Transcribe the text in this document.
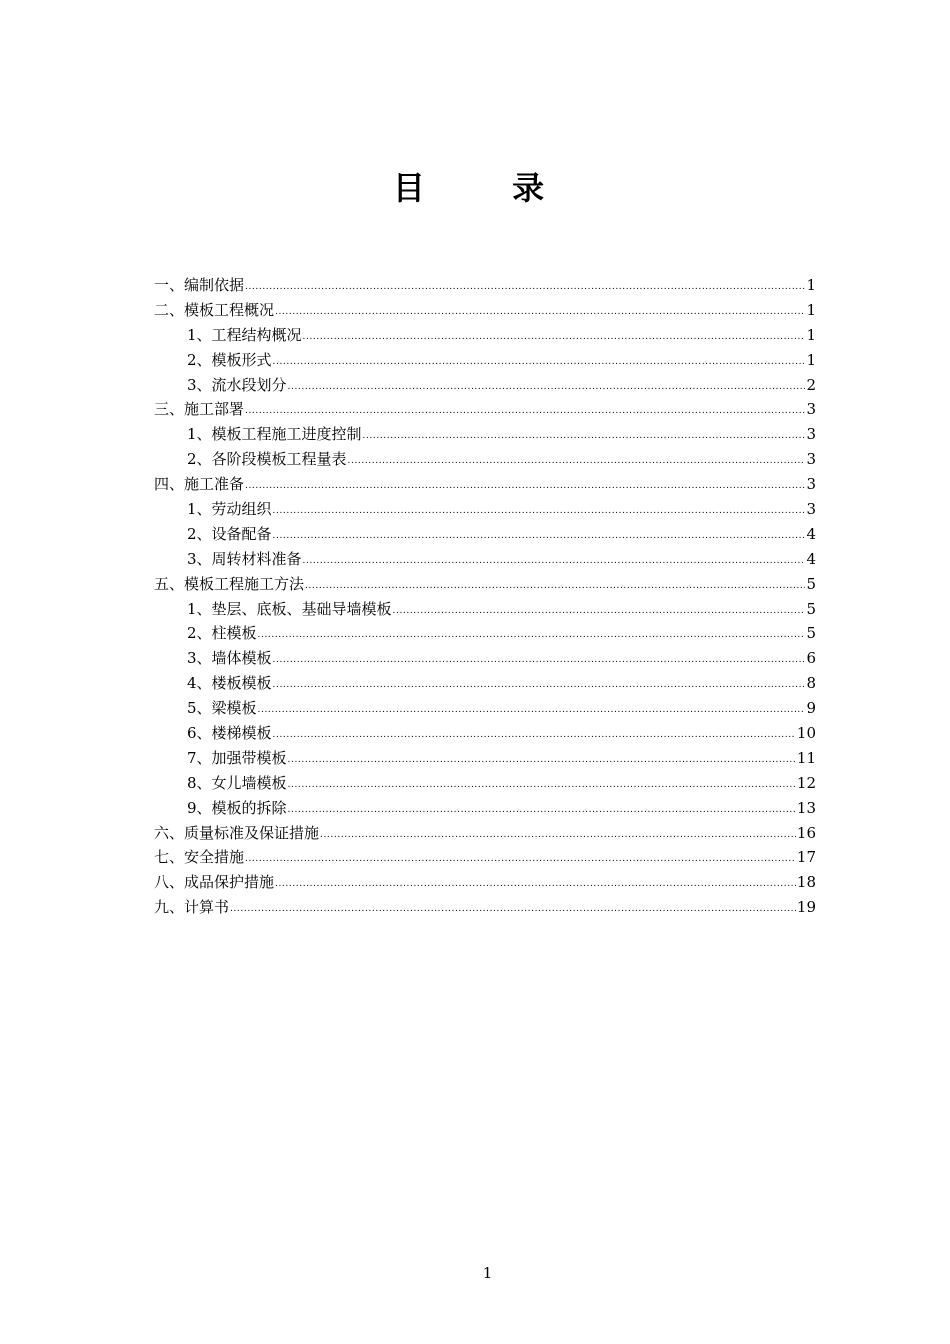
目 录
一、编制依据 .....	1
二、模板工程概况 .....	1
1、工程结构概况 .....	1
2、模板形式 .....	1
3、流水段划分 .....	2
三、施工部署 .....	3
1、模板工程施工进度控制 .....	3
2、各阶段模板工程量表 .....	3
四、施工准备 .....	3
1、劳动组织 .....	3
2、设备配备 .....	4
3、周转材料准备 .....	4
五、模板工程施工方法 .....	5
1、垫层、底板、基础导墙模板 .....	5
2、柱模板 .....	5
3、墙体模板 .....	6
4、楼板模板 .....	8
5、梁模板 .....	9
6、楼梯模板 .....	10
7、加强带模板 .....	11
8、女儿墙模板 .....	12
9、模板的拆除 .....	13
六、质量标准及保证措施 .....	16
七、安全措施 .....	17
八、成品保护措施 .....	18
九、计算书 .....	19
1
